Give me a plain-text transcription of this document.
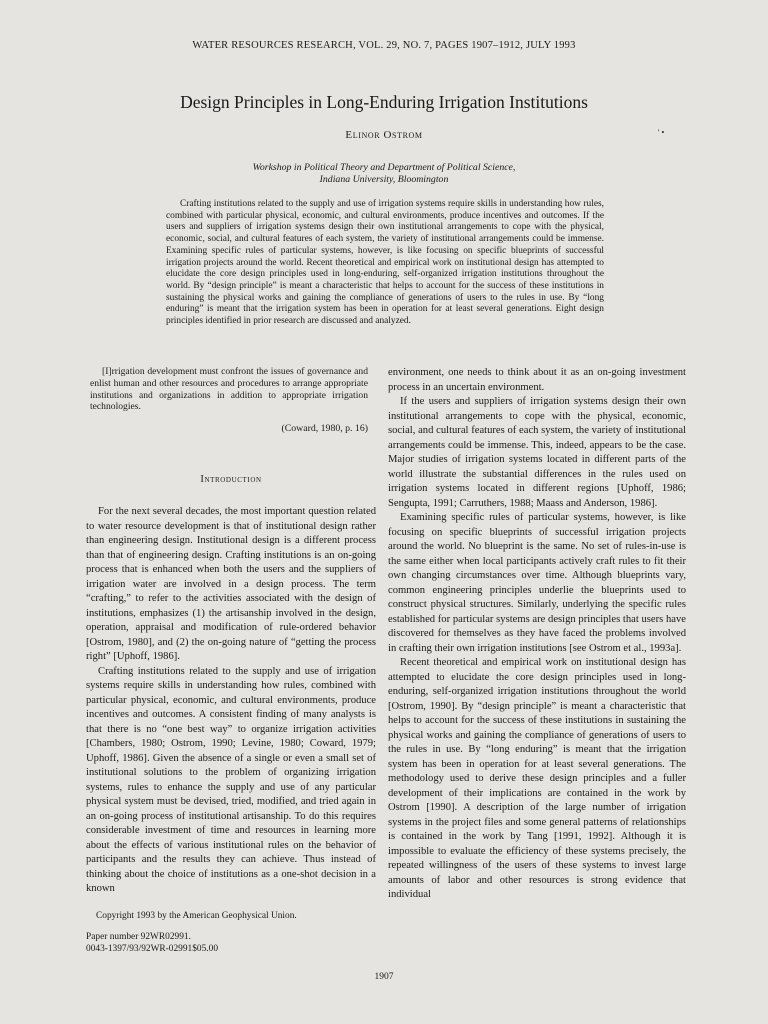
WATER RESOURCES RESEARCH, VOL. 29, NO. 7, PAGES 1907–1912, JULY 1993
Design Principles in Long-Enduring Irrigation Institutions
Elinor Ostrom	' •
Workshop in Political Theory and Department of Political Science,
Indiana University, Bloomington

Crafting institutions related to the supply and use of irrigation systems require skills in understanding how rules, combined with particular physical, economic, and cultural environments, produce incentives and outcomes. If the users and suppliers of irrigation systems design their own institutional arrangements to cope with the physical, economic, social, and cultural features of each system, the variety of institutional arrangements could be immense. Examining specific rules of particular systems, however, is like focusing on specific blueprints of successful irrigation projects around the world. Recent theoretical and empirical work on institutional design has attempted to elucidate the core design principles used in long-enduring, self-organized irrigation institutions throughout the world. By “design principle” is meant a characteristic that helps to account for the success of these institutions in sustaining the physical works and gaining the compliance of generations of users to the rules in use. By “long enduring” is meant that the irrigation system has been in operation for at least several generations. Eight design principles identified in prior research are discussed and analyzed.

[I]rrigation development must confront the issues of governance and enlist human and other resources and procedures to arrange appropriate institutions and organizations in addition to appropriate irrigation technologies.

(Coward, 1980, p. 16)
Introduction

For the next several decades, the most important question related to water resource development is that of institutional design rather than engineering design. Institutional design is a different process than that of engineering design. Crafting institutions is an on-going process that is enhanced when both the users and the suppliers of irrigation water are involved in a design process. The term “crafting,” to refer to the activities associated with the design of institutions, emphasizes (1) the artisanship involved in the design, operation, appraisal and modification of rule-ordered behavior [Ostrom, 1980], and (2) the on-going nature of “getting the process right” [Uphoff, 1986].

Crafting institutions related to the supply and use of irrigation systems require skills in understanding how rules, combined with particular physical, economic, and cultural environments, produce incentives and outcomes. A consistent finding of many analysts is that there is no “one best way” to organize irrigation activities [Chambers, 1980; Ostrom, 1990; Levine, 1980; Coward, 1979; Uphoff, 1986]. Given the absence of a single or even a small set of institutional solutions to the problem of organizing irrigation systems, rules to enhance the supply and use of any particular physical system must be devised, tried, modified, and tried again in an on-going process of institutional artisanship. To do this requires considerable investment of time and resources in learning more about the effects of various institutional rules on the behavior of participants and the results they can achieve. Thus instead of thinking about the choice of institutions as a one-shot decision in a known

Copyright 1993 by the American Geophysical Union.
Paper number 92WR02991.
0043-1397/93/92WR-02991$05.00

environment, one needs to think about it as an on-going investment process in an uncertain environment.

If the users and suppliers of irrigation systems design their own institutional arrangements to cope with the physical, economic, social, and cultural features of each system, the variety of institutional arrangements could be immense. This, indeed, appears to be the case. Major studies of irrigation systems located in different parts of the world illustrate the substantial differences in the rules used on irrigation systems located in different regions [Uphoff, 1986; Sengupta, 1991; Carruthers, 1988; Maass and Anderson, 1986].

Examining specific rules of particular systems, however, is like focusing on specific blueprints of successful irrigation projects around the world. No blueprint is the same. No set of rules-in-use is the same either when local participants actively craft rules to fit their own changing circumstances over time. Although blueprints vary, common engineering principles underlie the blueprints used to construct physical structures. Similarly, underlying the specific rules established for particular systems are design principles that users have discovered for themselves as they have faced the problems involved in crafting their own irrigation institutions [see Ostrom et al., 1993a].

Recent theoretical and empirical work on institutional design has attempted to elucidate the core design principles used in long-enduring, self-organized irrigation institutions throughout the world [Ostrom, 1990]. By “design principle” is meant a characteristic that helps to account for the success of these institutions in sustaining the physical works and gaining the compliance of generations of users to the rules in use. By “long enduring” is meant that the irrigation system has been in operation for at least several generations. The methodology used to derive these design principles and a fuller development of their implications are contained in the work by Ostrom [1990]. A description of the large number of irrigation systems in the project files and some general patterns of relationships is contained in the work by Tang [1991, 1992]. Although it is impossible to evaluate the efficiency of these systems precisely, the repeated willingness of the users of these systems to invest large amounts of labor and other resources is strong evidence that individual

1907
